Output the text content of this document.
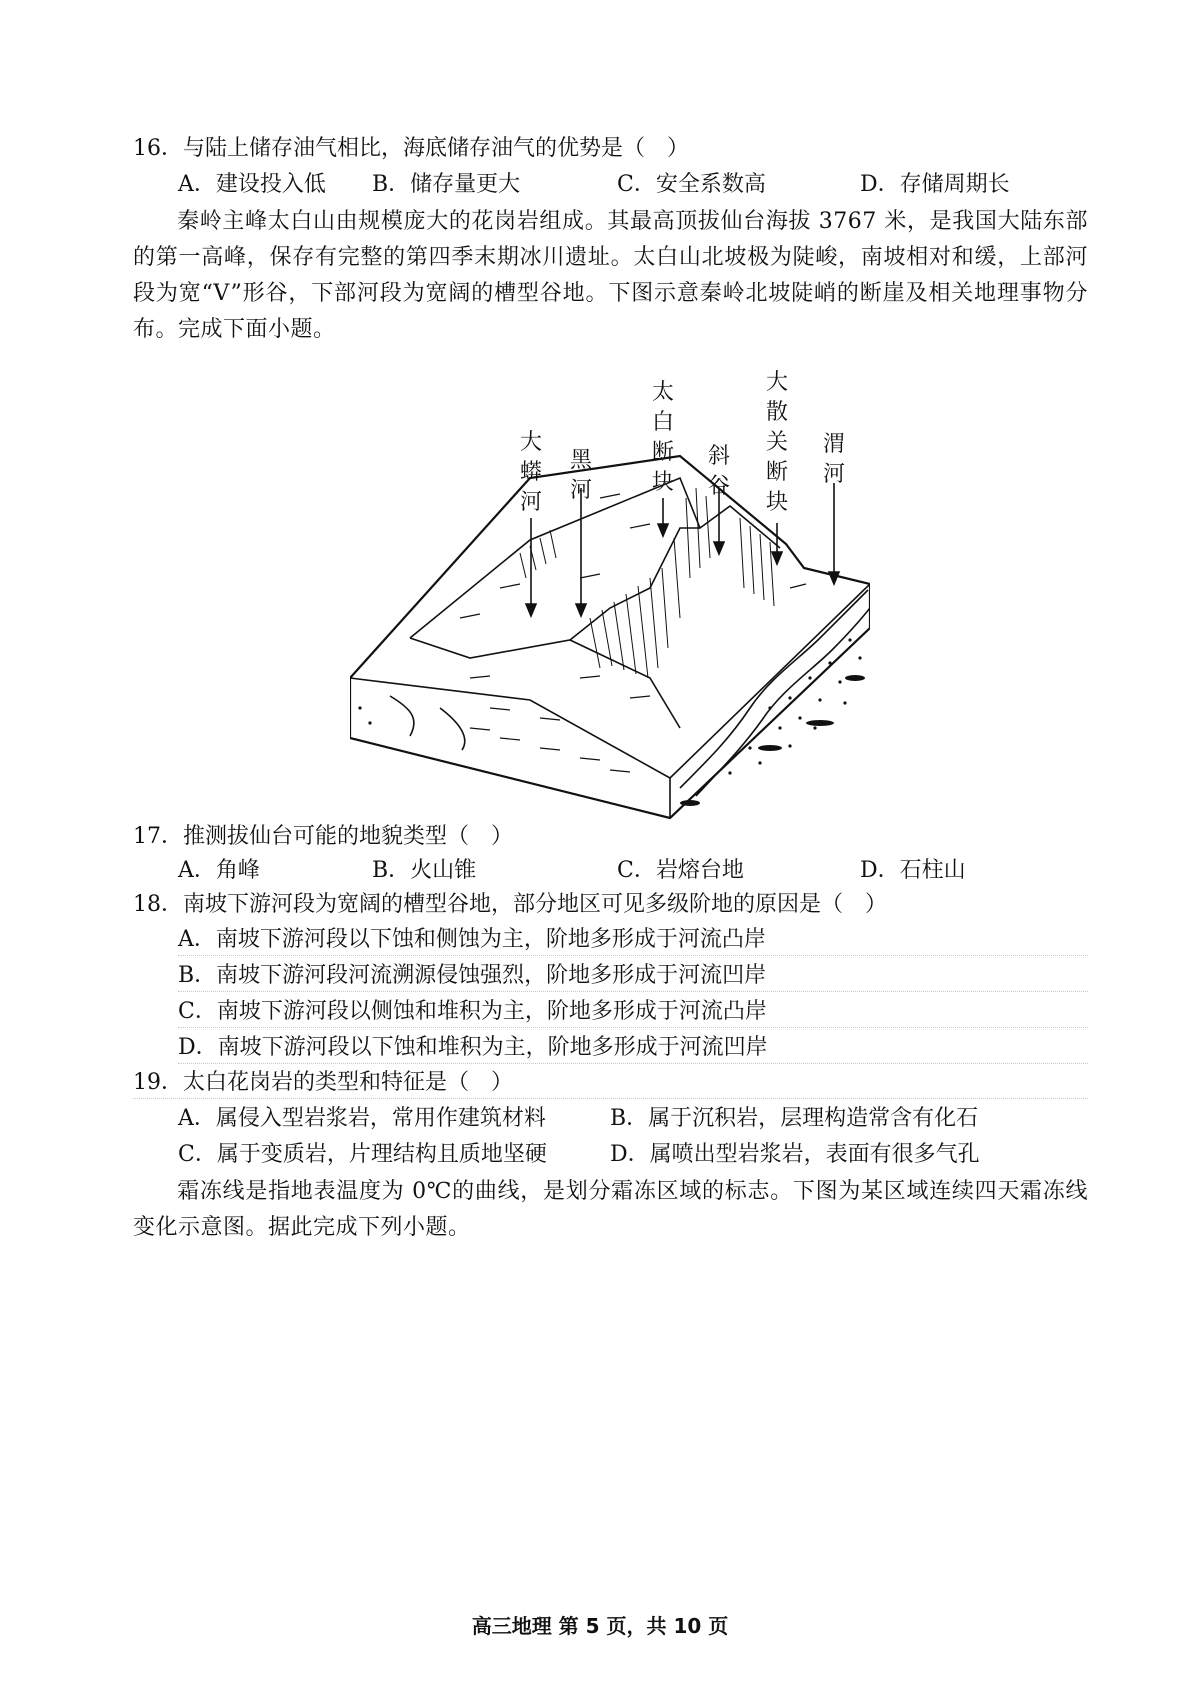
16．与陆上储存油气相比，海底储存油气的优势是（　）
A．建设投入低 B．储存量更大	C．安全系数高	D．存储周期长
秦岭主峰太白山由规模庞大的花岗岩组成。其最高顶拔仙台海拔 3767 米，是我国大陆东部的第一高峰，保存有完整的第四季末期冰川遗址。太白山北坡极为陡峻，南坡相对和缓，上部河段为宽“V”形谷，下部河段为宽阔的槽型谷地。下图示意秦岭北坡陡峭的断崖及相关地理事物分布。完成下面小题。
大蟒河
黑河
太白断块
斜谷
大散关断块
渭河
17．推测拔仙台可能的地貌类型（　）
A．角峰	B．火山锥	C．岩熔台地	D．石柱山
18．南坡下游河段为宽阔的槽型谷地，部分地区可见多级阶地的原因是（　）
A．南坡下游河段以下蚀和侧蚀为主，阶地多形成于河流凸岸
B．南坡下游河段河流溯源侵蚀强烈，阶地多形成于河流凹岸
C．南坡下游河段以侧蚀和堆积为主，阶地多形成于河流凸岸
D．南坡下游河段以下蚀和堆积为主，阶地多形成于河流凹岸
19．太白花岗岩的类型和特征是（　）
A．属侵入型岩浆岩，常用作建筑材料	B．属于沉积岩，层理构造常含有化石
C．属于变质岩，片理结构且质地坚硬	D．属喷出型岩浆岩，表面有很多气孔
霜冻线是指地表温度为 0℃的曲线，是划分霜冻区域的标志。下图为某区域连续四天霜冻线变化示意图。据此完成下列小题。
高三地理 第 5 页，共 10 页
